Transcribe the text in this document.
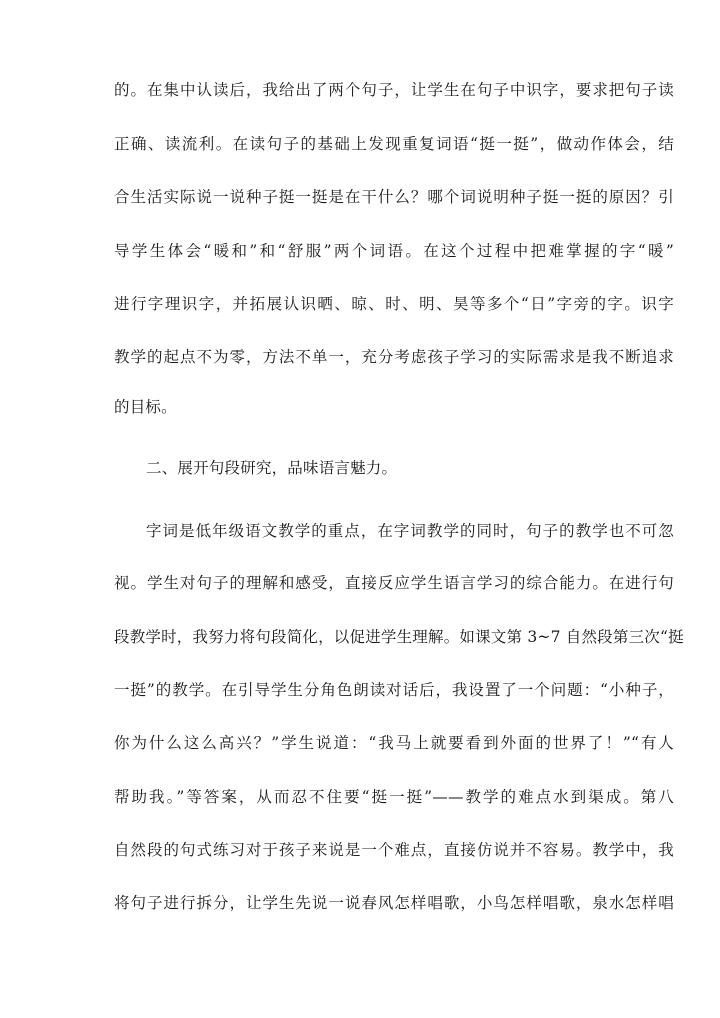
的。在集中认读后，我给出了两个句子，让学生在句子中识字，要求把句子读
正确、读流利。在读句子的基础上发现重复词语“挺一挺”，做动作体会，结
合生活实际说一说种子挺一挺是在干什么？哪个词说明种子挺一挺的原因？引
导学生体会“暖和”和“舒服”两个词语。在这个过程中把难掌握的字“暖”
进行字理识字，并拓展认识晒、晾、时、明、昊等多个“日”字旁的字。识字
教学的起点不为零，方法不单一，充分考虑孩子学习的实际需求是我不断追求
的目标。
二、展开句段研究，品味语言魅力。
字词是低年级语文教学的重点，在字词教学的同时，句子的教学也不可忽
视。学生对句子的理解和感受，直接反应学生语言学习的综合能力。在进行句
段教学时，我努力将句段简化，以促进学生理解。如课文第 3~7 自然段第三次“挺
一挺”的教学。在引导学生分角色朗读对话后，我设置了一个问题：“小种子，
你为什么这么高兴？”学生说道：“我马上就要看到外面的世界了！”“有人
帮助我。”等答案，从而忍不住要“挺一挺”——教学的难点水到渠成。第八
自然段的句式练习对于孩子来说是一个难点，直接仿说并不容易。教学中，我
将句子进行拆分，让学生先说一说春风怎样唱歌，小鸟怎样唱歌，泉水怎样唱
